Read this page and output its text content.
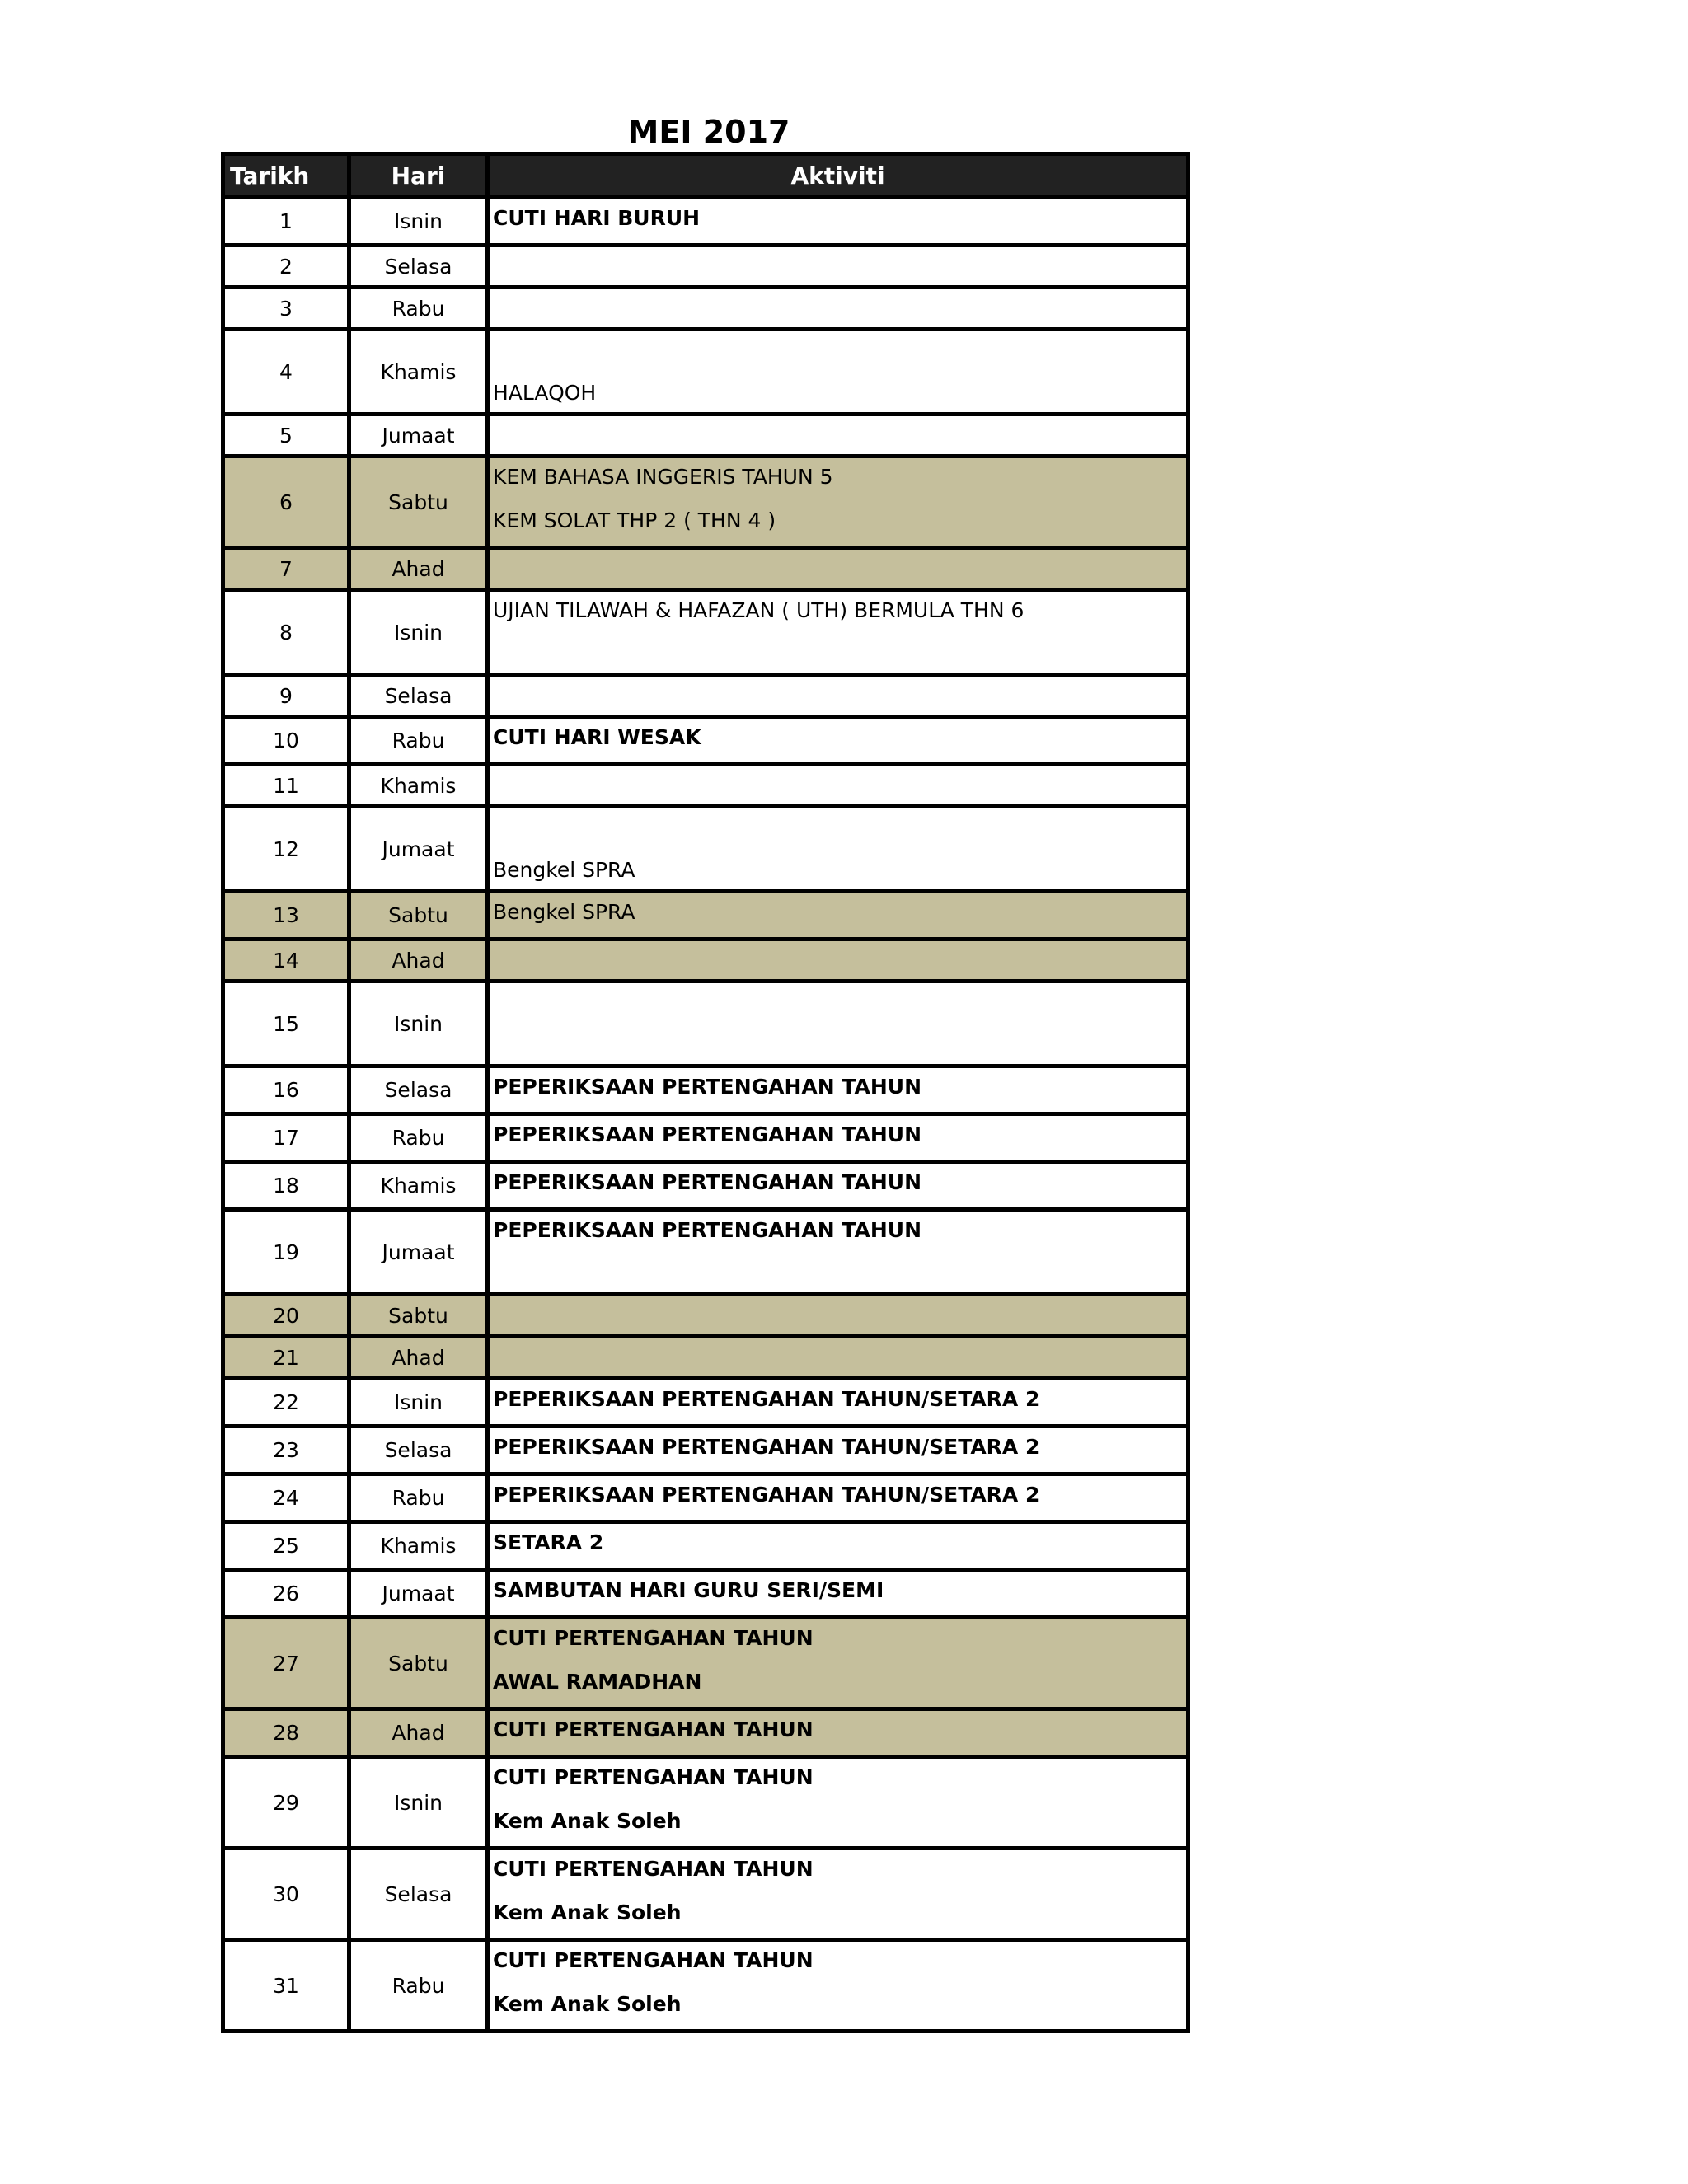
MEI 2017
Tarikh	Hari	Aktiviti
1	Isnin	CUTI HARI BURUH

2	Selasa	
3	Rabu	
4	Khamis	HALAQOH

5	Jumaat	
6	Sabtu	KEM BAHASA INGGERIS TAHUN 5
KEM SOLAT THP 2 ( THN 4 )

7	Ahad	
8	Isnin	UJIAN TILAWAH & HAFAZAN ( UTH) BERMULA THN 6

9	Selasa	
10	Rabu	CUTI HARI WESAK

11	Khamis	
12	Jumaat	Bengkel SPRA

13	Sabtu	Bengkel SPRA

14	Ahad	
15	Isnin	
16	Selasa	PEPERIKSAAN PERTENGAHAN TAHUN

17	Rabu	PEPERIKSAAN PERTENGAHAN TAHUN

18	Khamis	PEPERIKSAAN PERTENGAHAN TAHUN

19	Jumaat	PEPERIKSAAN PERTENGAHAN TAHUN

20	Sabtu	
21	Ahad	
22	Isnin	PEPERIKSAAN PERTENGAHAN TAHUN/SETARA 2

23	Selasa	PEPERIKSAAN PERTENGAHAN TAHUN/SETARA 2

24	Rabu	PEPERIKSAAN PERTENGAHAN TAHUN/SETARA 2

25	Khamis	SETARA 2

26	Jumaat	SAMBUTAN HARI GURU SERI/SEMI

27	Sabtu	CUTI PERTENGAHAN TAHUN
AWAL RAMADHAN

28	Ahad	CUTI PERTENGAHAN TAHUN

29	Isnin	CUTI PERTENGAHAN TAHUN
Kem Anak Soleh

30	Selasa	CUTI PERTENGAHAN TAHUN
Kem Anak Soleh

31	Rabu	CUTI PERTENGAHAN TAHUN
Kem Anak Soleh
